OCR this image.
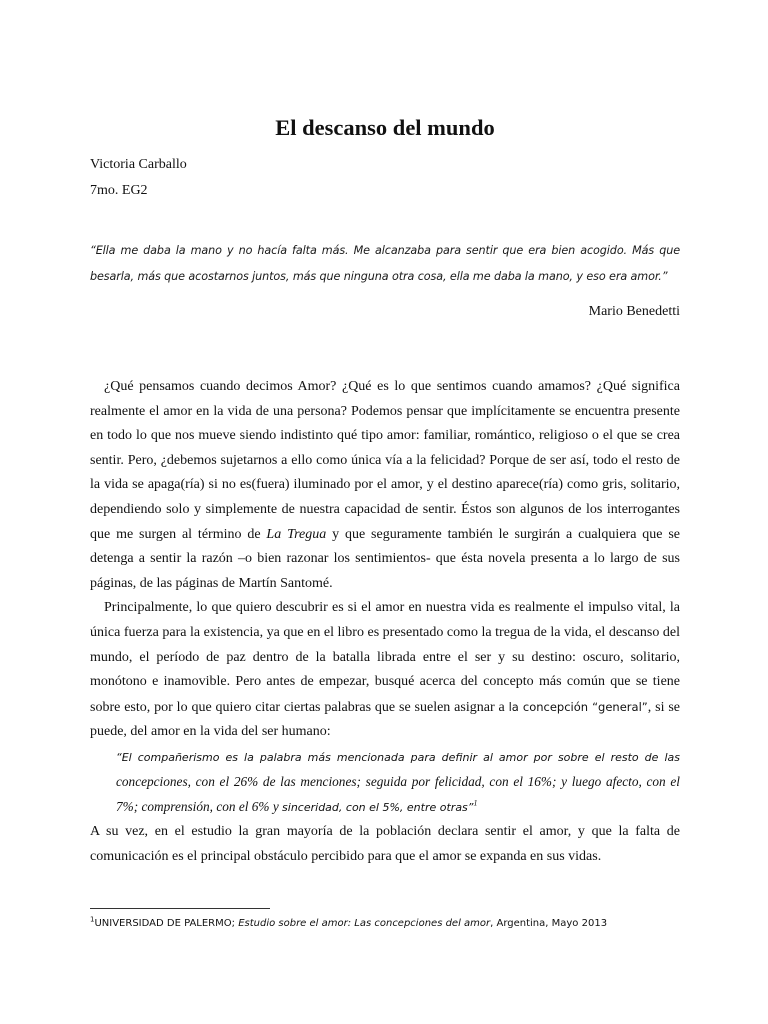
El descanso del mundo
Victoria Carballo
7mo. EG2
“Ella me daba la mano y no hacía falta más. Me alcanzaba para sentir que era bien acogido. Más que besarla, más que acostarnos juntos, más que ninguna otra cosa, ella me daba la mano, y eso era amor.”
Mario Benedetti

¿Qué pensamos cuando decimos Amor? ¿Qué es lo que sentimos cuando amamos? ¿Qué significa realmente el amor en la vida de una persona? Podemos pensar que implícitamente se encuentra presente en todo lo que nos mueve siendo indistinto qué tipo amor: familiar, romántico, religioso o el que se crea sentir. Pero, ¿debemos sujetarnos a ello como única vía a la felicidad? Porque de ser así, todo el resto de la vida se apaga(ría) si no es(fuera) iluminado por el amor, y el destino aparece(ría) como gris, solitario, dependiendo solo y simplemente de nuestra capacidad de sentir. Éstos son algunos de los interrogantes que me surgen al término de La Tregua y que seguramente también le surgirán a cualquiera que se detenga a sentir la razón –o bien razonar los sentimientos- que ésta novela presenta a lo largo de sus páginas, de las páginas de Martín Santomé.

Principalmente, lo que quiero descubrir es si el amor en nuestra vida es realmente el impulso vital, la única fuerza para la existencia, ya que en el libro es presentado como la tregua de la vida, el descanso del mundo, el período de paz dentro de la batalla librada entre el ser y su destino: oscuro, solitario, monótono e inamovible. Pero antes de empezar, busqué acerca del concepto más común que se tiene sobre esto, por lo que quiero citar ciertas palabras que se suelen asignar a la concepción “general”, si se puede, del amor en la vida del ser humano:

“El compañerismo es la palabra más mencionada para definir al amor por sobre el resto de las concepciones, con el 26% de las menciones; seguida por felicidad, con el 16%; y luego afecto, con el 7%; comprensión, con el 6% y sinceridad, con el 5%, entre otras”$^1$

A su vez, en el estudio la gran mayoría de la población declara sentir el amor, y que la falta de comunicación es el principal obstáculo percibido para que el amor se expanda en sus vidas.

$^1$UNIVERSIDAD DE PALERMO; Estudio sobre el amor: Las concepciones del amor, Argentina, Mayo 2013
